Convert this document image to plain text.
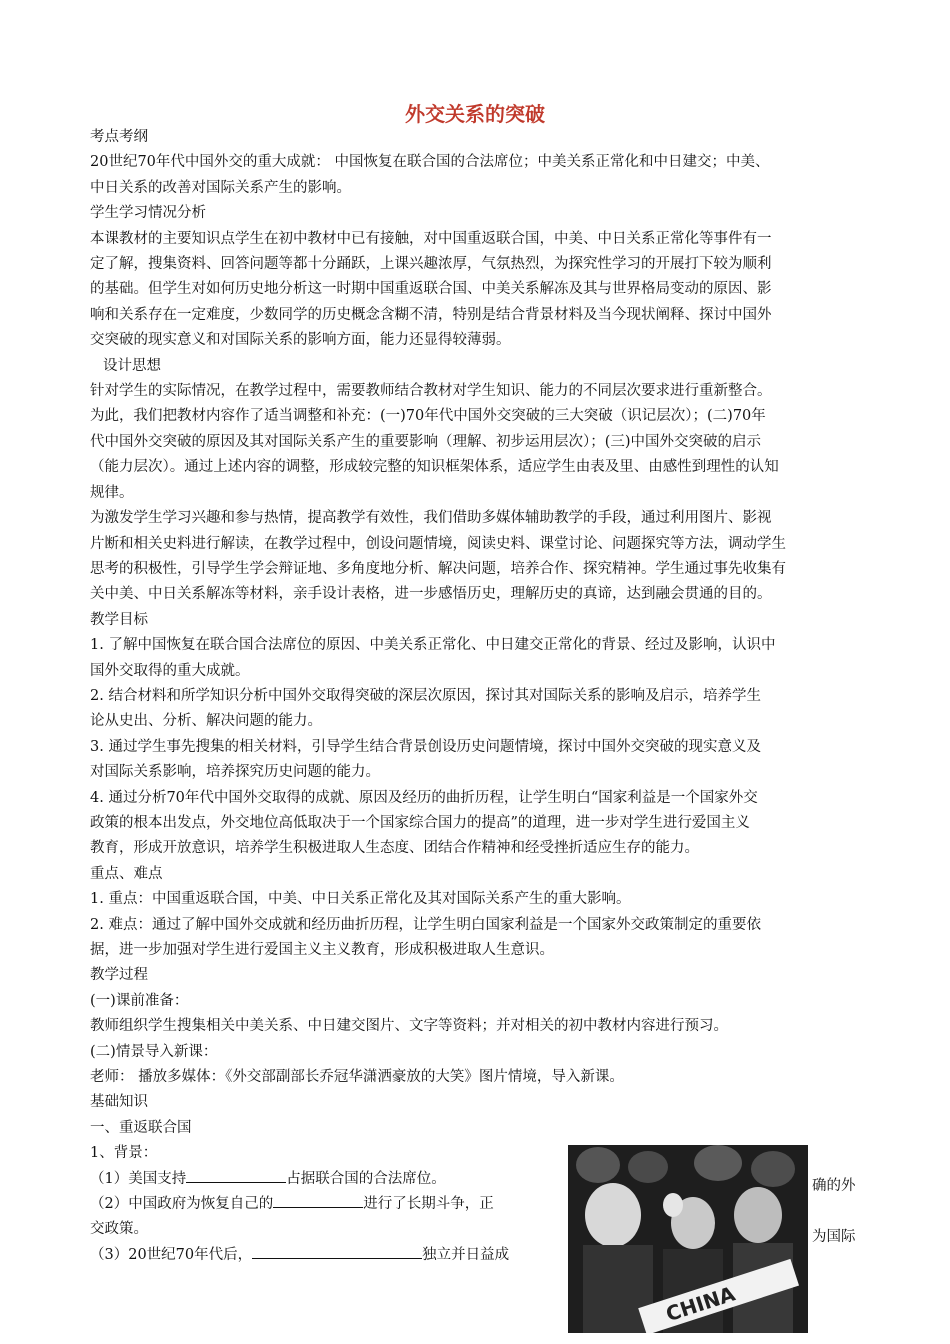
外交关系的突破

考点考纲

20世纪70年代中国外交的重大成就： 中国恢复在联合国的合法席位；中美关系正常化和中日建交；中美、

中日关系的改善对国际关系产生的影响。

学生学习情况分析

本课教材的主要知识点学生在初中教材中已有接触，对中国重返联合国，中美、中日关系正常化等事件有一

定了解，搜集资料、回答问题等都十分踊跃，上课兴趣浓厚，气氛热烈，为探究性学习的开展打下较为顺利

的基础。但学生对如何历史地分析这一时期中国重返联合国、中美关系解冻及其与世界格局变动的原因、影

响和关系存在一定难度，少数同学的历史概念含糊不清，特别是结合背景材料及当今现状阐释、探讨中国外

交突破的现实意义和对国际关系的影响方面，能力还显得较薄弱。

设计思想

针对学生的实际情况，在教学过程中，需要教师结合教材对学生知识、能力的不同层次要求进行重新整合。

为此，我们把教材内容作了适当调整和补充：(一)70年代中国外交突破的三大突破（识记层次）；(二)70年

代中国外交突破的原因及其对国际关系产生的重要影响（理解、初步运用层次）；(三)中国外交突破的启示

（能力层次）。通过上述内容的调整，形成较完整的知识框架体系，适应学生由表及里、由感性到理性的认知

规律。

为激发学生学习兴趣和参与热情，提高教学有效性，我们借助多媒体辅助教学的手段，通过利用图片、影视

片断和相关史料进行解读，在教学过程中，创设问题情境，阅读史料、课堂讨论、问题探究等方法，调动学生

思考的积极性，引导学生学会辩证地、多角度地分析、解决问题，培养合作、探究精神。学生通过事先收集有

关中美、中日关系解冻等材料，亲手设计表格，进一步感悟历史，理解历史的真谛，达到融会贯通的目的。

教学目标

1. 了解中国恢复在联合国合法席位的原因、中美关系正常化、中日建交正常化的背景、经过及影响，认识中

国外交取得的重大成就。

2. 结合材料和所学知识分析中国外交取得突破的深层次原因，探讨其对国际关系的影响及启示，培养学生

论从史出、分析、解决问题的能力。

3. 通过学生事先搜集的相关材料，引导学生结合背景创设历史问题情境，探讨中国外交突破的现实意义及

对国际关系影响，培养探究历史问题的能力。

4. 通过分析70年代中国外交取得的成就、原因及经历的曲折历程，让学生明白“国家利益是一个国家外交

政策的根本出发点，外交地位高低取决于一个国家综合国力的提高”的道理，进一步对学生进行爱国主义

教育，形成开放意识，培养学生积极进取人生态度、团结合作精神和经受挫折适应生存的能力。

重点、难点

1. 重点：中国重返联合国，中美、中日关系正常化及其对国际关系产生的重大影响。

2. 难点：通过了解中国外交成就和经历曲折历程，让学生明白国家利益是一个国家外交政策制定的重要依

据，进一步加强对学生进行爱国主义主义教育，形成积极进取人生意识。

教学过程

(一)课前准备：

教师组织学生搜集相关中美关系、中日建交图片、文字等资料；并对相关的初中教材内容进行预习。

(二)情景导入新课：

老师： 播放多媒体：《外交部副部长乔冠华潇洒豪放的大笑》图片情境，导入新课。

基础知识

一、重返联合国

1、背景：

（1）美国支持	占据联合国的合法席位。

（2）中国政府为恢复自己的	进行了长期斗争，正

交政策。

（3）20世纪70年代后，	独立并日益成

确的外
为国际
CHINA
